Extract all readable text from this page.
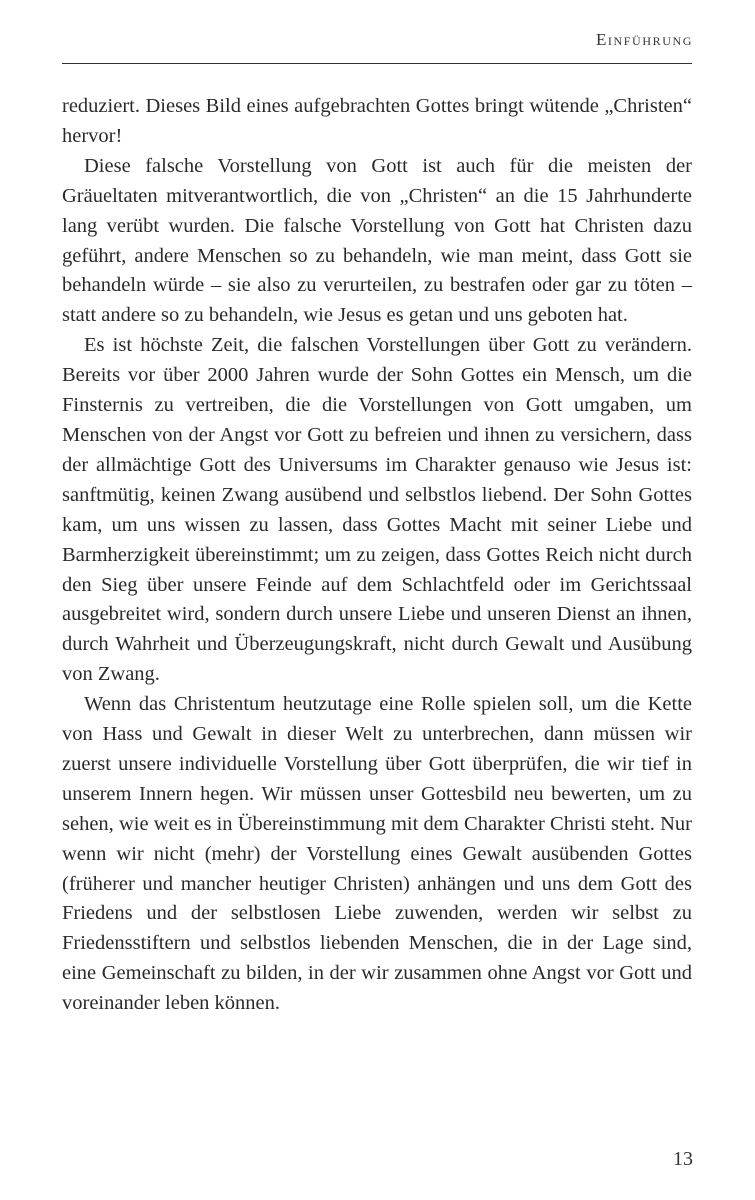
Einführung

reduziert. Dieses Bild eines aufgebrachten Gottes bringt wütende „Christen“ hervor!

Diese falsche Vorstellung von Gott ist auch für die meisten der Gräueltaten mitverantwortlich, die von „Christen“ an die 15 Jahrhunderte lang verübt wurden. Die falsche Vorstellung von Gott hat Christen dazu geführt, andere Menschen so zu behandeln, wie man meint, dass Gott sie behandeln würde – sie also zu verurteilen, zu bestrafen oder gar zu töten – statt andere so zu behandeln, wie Jesus es getan und uns geboten hat.

Es ist höchste Zeit, die falschen Vorstellungen über Gott zu verändern. Bereits vor über 2000 Jahren wurde der Sohn Gottes ein Mensch, um die Finsternis zu vertreiben, die die Vorstellungen von Gott umgaben, um Menschen von der Angst vor Gott zu befreien und ihnen zu versichern, dass der allmächtige Gott des Universums im Charakter genauso wie Jesus ist: sanftmütig, keinen Zwang ausübend und selbstlos liebend. Der Sohn Gottes kam, um uns wissen zu lassen, dass Gottes Macht mit seiner Liebe und Barmherzigkeit übereinstimmt; um zu zeigen, dass Gottes Reich nicht durch den Sieg über unsere Feinde auf dem Schlachtfeld oder im Gerichtssaal ausgebreitet wird, sondern durch unsere Liebe und unseren Dienst an ihnen, durch Wahrheit und Überzeugungskraft, nicht durch Gewalt und Ausübung von Zwang.

Wenn das Christentum heutzutage eine Rolle spielen soll, um die Kette von Hass und Gewalt in dieser Welt zu unterbrechen, dann müssen wir zuerst unsere individuelle Vorstellung über Gott überprüfen, die wir tief in unserem Innern hegen. Wir müssen unser Gottesbild neu bewerten, um zu sehen, wie weit es in Übereinstimmung mit dem Charakter Christi steht. Nur wenn wir nicht (mehr) der Vorstellung eines Gewalt ausübenden Gottes (früherer und mancher heutiger Christen) anhängen und uns dem Gott des Friedens und der selbstlosen Liebe zuwenden, werden wir selbst zu Friedensstiftern und selbstlos liebenden Menschen, die in der Lage sind, eine Gemeinschaft zu bilden, in der wir zusammen ohne Angst vor Gott und voreinander leben können.

13
